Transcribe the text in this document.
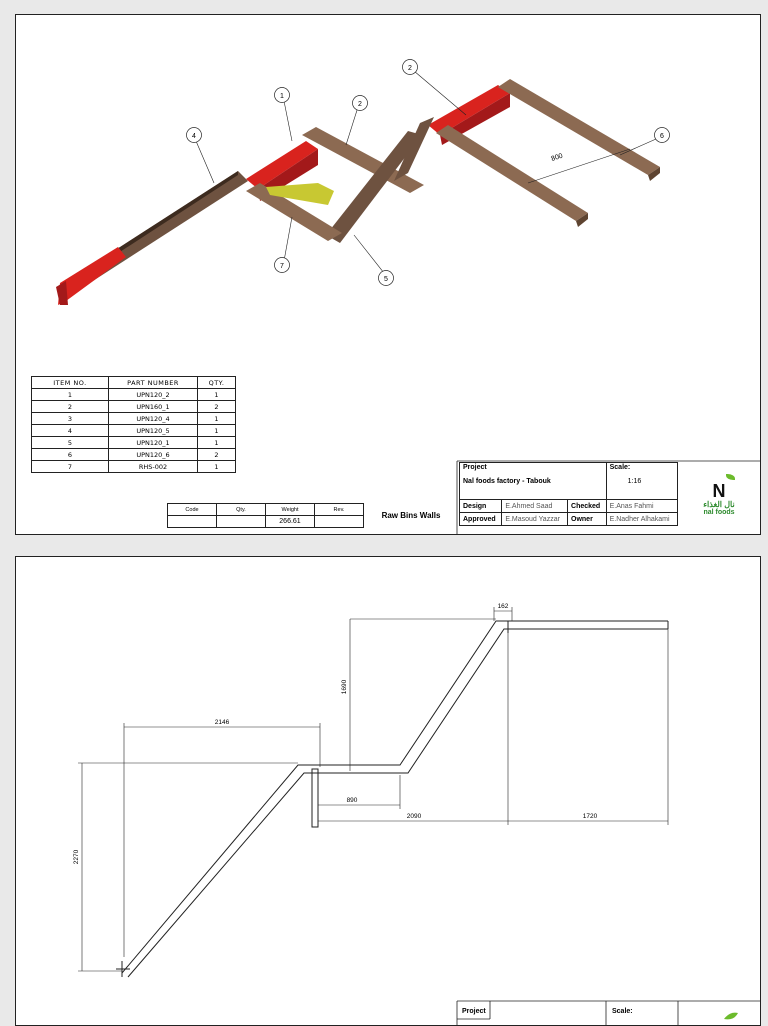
800
1
2
2
4	6
7
5
ITEM NO.	PART NUMBER	QTY.
1	UPN120_2	1
2	UPN160_1	2
3	UPN120_4	1
4	UPN120_5	1
5	UPN120_1	1
6	UPN120_6	2
7	RHS-002	1
Code	Qty.	Weight	Rev.
		266.61	
Raw Bins Walls
Project

Nal foods factory - Tabouk			Scale:

1:16
Design	E.Ahmed Saad	Checked	E.Anas Fahmi
Approved	E.Masoud Yazzar	Owner	E.Nadher Alhakami
N
نال الغذاء
nal foods
162
1690
2146
890
2090	1720
2270
Project	Scale:
